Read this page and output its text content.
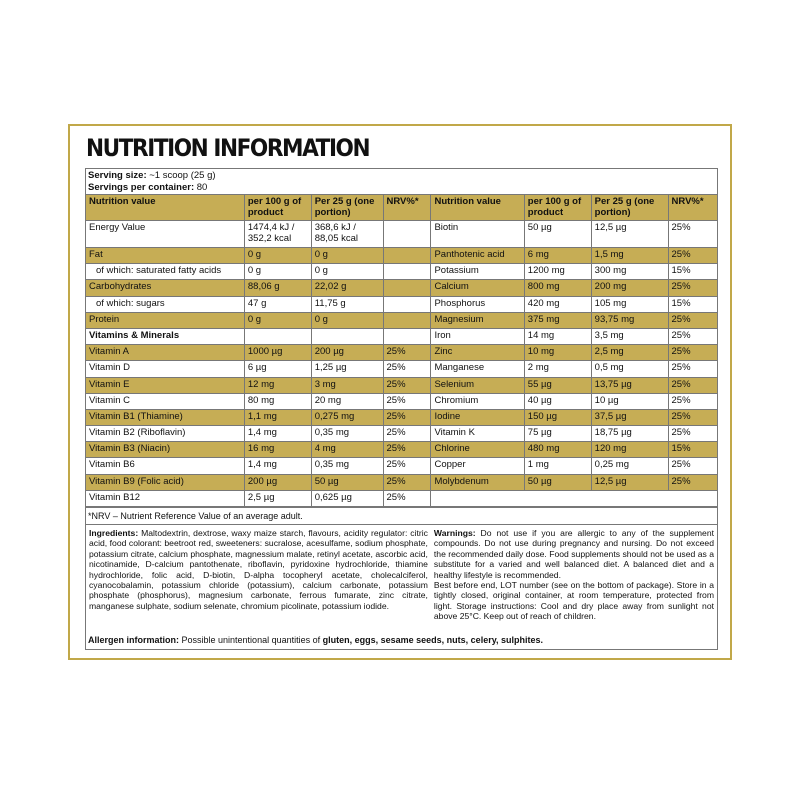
NUTRITION INFORMATION
Serving size: ~1 scoop (25 g)
Servings per container: 80
Nutrition value	per 100 g of product	Per 25 g (one portion)	NRV%*
Energy Value	1474,4 kJ / 352,2 kcal	368,6 kJ / 88,05 kcal	
Fat	0 g	0 g	
of which: saturated fatty acids	0 g	0 g	
Carbohydrates	88,06 g	22,02 g	
of which: sugars	47 g	11,75 g	
Protein	0 g	0 g	
Vitamins & Minerals			
Vitamin A	1000 µg	200 µg	25%
Vitamin D	6 µg	1,25 µg	25%
Vitamin E	12 mg	3 mg	25%
Vitamin C	80 mg	20 mg	25%
Vitamin B1 (Thiamine)	1,1 mg	0,275 mg	25%
Vitamin B2 (Riboflavin)	1,4 mg	0,35 mg	25%
Vitamin B3 (Niacin)	16 mg	4 mg	25%
Vitamin B6	1,4 mg	0,35 mg	25%
Vitamin B9 (Folic acid)	200 µg	50 µg	25%
Vitamin B12	2,5 µg	0,625 µg	25%
Nutrition value	per 100 g of product	Per 25 g (one portion)	NRV%*
Biotin	50 µg	12,5 µg	25%
Panthotenic acid	6 mg	1,5 mg	25%
Potassium	1200 mg	300 mg	15%
Calcium	800 mg	200 mg	25%
Phosphorus	420 mg	105 mg	15%
Magnesium	375 mg	93,75 mg	25%
Iron	14 mg	3,5 mg	25%
Zinc	10 mg	2,5 mg	25%
Manganese	2 mg	0,5 mg	25%
Selenium	55 µg	13,75 µg	25%
Chromium	40 µg	10 µg	25%
Iodine	150 µg	37,5 µg	25%
Vitamin K	75 µg	18,75 µg	25%
Chlorine	480 mg	120 mg	15%
Copper	1 mg	0,25 mg	25%
Molybdenum	50 µg	12,5 µg	25%

*NRV – Nutrient Reference Value of an average adult.
Ingredients: Maltodextrin, dextrose, waxy maize starch, flavours, acidity regulator: citric acid, food colorant: beetroot red, sweeteners: sucralose, acesulfame, sodium phosphate, potassium citrate, calcium phosphate, magnessium malate, retinyl acetate, ascorbic acid, nicotinamide, D-calcium pantothenate, riboflavin, pyridoxine hydrochloride, thiamine hydrochloride, folic acid, D-biotin, D-alpha tocopheryl acetate, cholecalciferol, cyanocobalamin, potassium chloride (potassium), calcium carbonate, potassium phosphate (phosphorus), magnesium carbonate, ferrous fumarate, zinc citrate, manganese sulphate, sodium selenate, chromium picolinate, potassium iodide.
Warnings: Do not use if you are allergic to any of the supplement compounds. Do not use during pregnancy and nursing. Do not exceed the recommended daily dose. Food supplements should not be used as a substitute for a varied and well balanced diet. A balanced diet and a healthy lifestyle is recommended.
Best before end, LOT number (see on the bottom of package). Store in a tightly closed, original container, at room temperature, protected from light. Storage instructions: Cool and dry place away from sunlight not above 25°C. Keep out of reach of children.
Allergen information: Possible unintentional quantities of gluten, eggs, sesame seeds, nuts, celery, sulphites.
